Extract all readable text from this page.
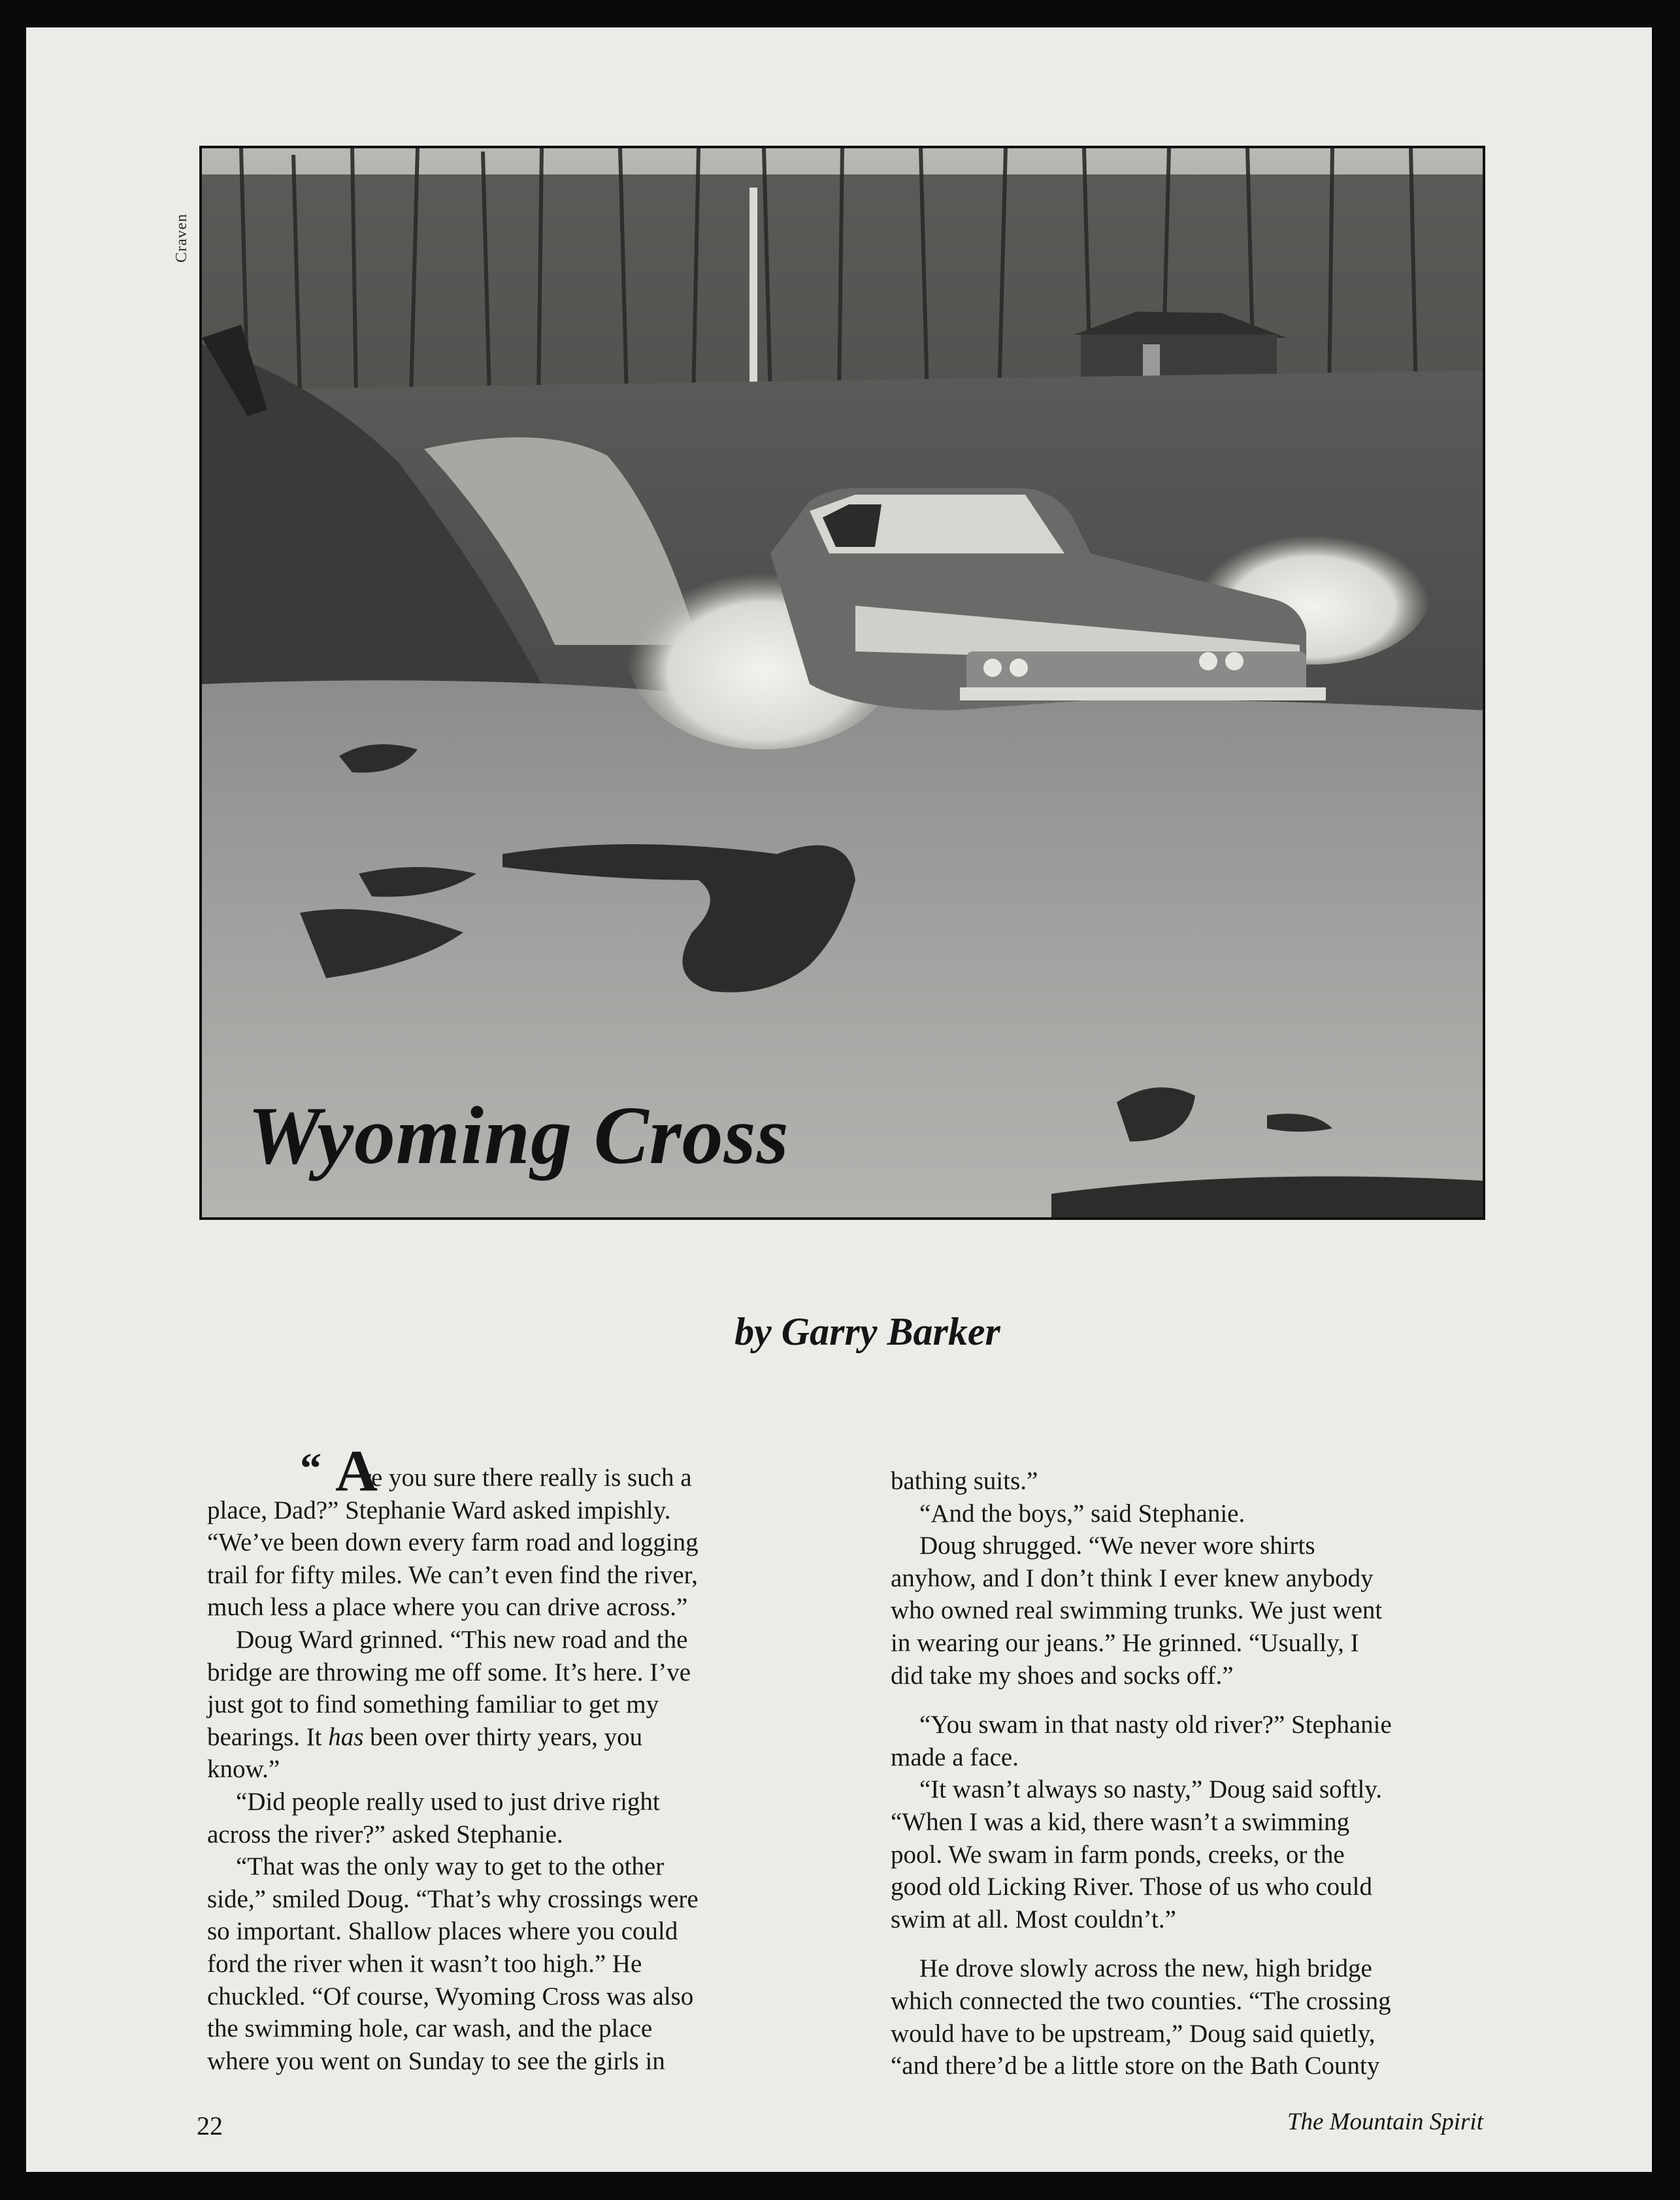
Craven
Wyoming Cross
by Garry Barker
“ A

re you sure there really is such a

place, Dad?” Stephanie Ward asked impishly.
“We’ve been down every farm road and logging
trail for fifty miles. We can’t even find the river,
much less a place where you can drive across.”

Doug Ward grinned. “This new road and the
bridge are throwing me off some. It’s here. I’ve
just got to find something familiar to get my
bearings. It has been over thirty years, you
know.”

“Did people really used to just drive right
across the river?” asked Stephanie.

“That was the only way to get to the other
side,” smiled Doug. “That’s why crossings were
so important. Shallow places where you could
ford the river when it wasn’t too high.” He
chuckled. “Of course, Wyoming Cross was also
the swimming hole, car wash, and the place
where you went on Sunday to see the girls in

bathing suits.”

“And the boys,” said Stephanie.

Doug shrugged. “We never wore shirts
anyhow, and I don’t think I ever knew anybody
who owned real swimming trunks. We just went
in wearing our jeans.” He grinned. “Usually, I
did take my shoes and socks off.”

“You swam in that nasty old river?” Stephanie
made a face.

“It wasn’t always so nasty,” Doug said softly.
“When I was a kid, there wasn’t a swimming
pool. We swam in farm ponds, creeks, or the
good old Licking River. Those of us who could
swim at all. Most couldn’t.”

He drove slowly across the new, high bridge
which connected the two counties. “The crossing
would have to be upstream,” Doug said quietly,
“and there’d be a little store on the Bath County

22	The Mountain Spirit
